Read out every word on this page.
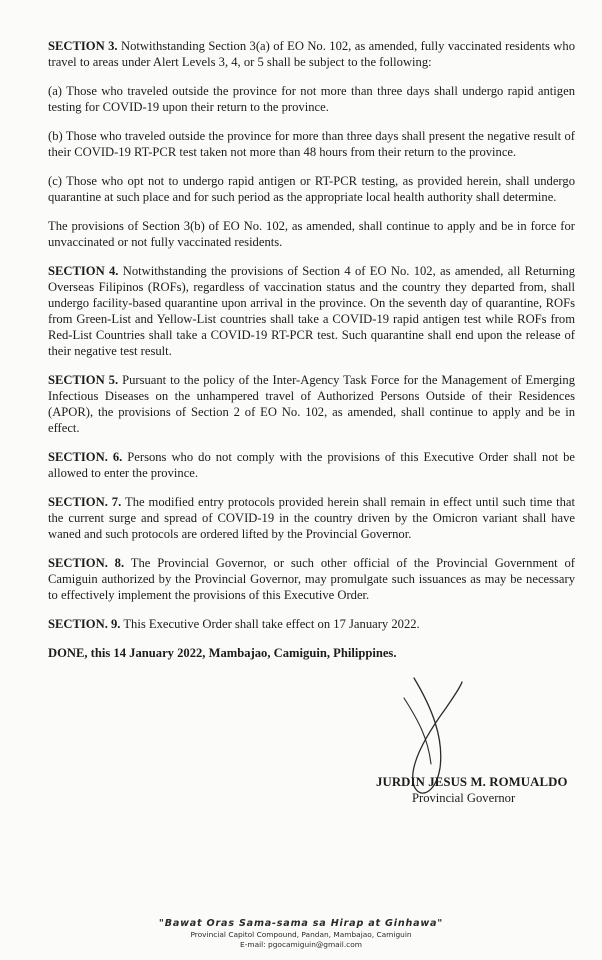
SECTION 3. Notwithstanding Section 3(a) of EO No. 102, as amended, fully vaccinated residents who travel to areas under Alert Levels 3, 4, or 5 shall be subject to the following:

(a) Those who traveled outside the province for not more than three days shall undergo rapid antigen testing for COVID-19 upon their return to the province.

(b) Those who traveled outside the province for more than three days shall present the negative result of their COVID-19 RT-PCR test taken not more than 48 hours from their return to the province.

(c) Those who opt not to undergo rapid antigen or RT-PCR testing, as provided herein, shall undergo quarantine at such place and for such period as the appropriate local health authority shall determine.

The provisions of Section 3(b) of EO No. 102, as amended, shall continue to apply and be in force for unvaccinated or not fully vaccinated residents.

SECTION 4. Notwithstanding the provisions of Section 4 of EO No. 102, as amended, all Returning Overseas Filipinos (ROFs), regardless of vaccination status and the country they departed from, shall undergo facility-based quarantine upon arrival in the province. On the seventh day of quarantine, ROFs from Green-List and Yellow-List countries shall take a COVID-19 rapid antigen test while ROFs from Red-List Countries shall take a COVID-19 RT-PCR test. Such quarantine shall end upon the release of their negative test result.

SECTION 5. Pursuant to the policy of the Inter-Agency Task Force for the Management of Emerging Infectious Diseases on the unhampered travel of Authorized Persons Outside of their Residences (APOR), the provisions of Section 2 of EO No. 102, as amended, shall continue to apply and be in effect.

SECTION. 6. Persons who do not comply with the provisions of this Executive Order shall not be allowed to enter the province.

SECTION. 7. The modified entry protocols provided herein shall remain in effect until such time that the current surge and spread of COVID-19 in the country driven by the Omicron variant shall have waned and such protocols are ordered lifted by the Provincial Governor.

SECTION. 8. The Provincial Governor, or such other official of the Provincial Government of Camiguin authorized by the Provincial Governor, may promulgate such issuances as may be necessary to effectively implement the provisions of this Executive Order.

SECTION. 9. This Executive Order shall take effect on 17 January 2022.

DONE, this 14 January 2022, Mambajao, Camiguin, Philippines.
JURDIN JESUS M. ROMUALDO
Provincial Governor
"Bawat Oras Sama-sama sa Hirap at Ginhawa"
Provincial Capitol Compound, Pandan, Mambajao, Camiguin
E-mail: pgocamiguin@gmail.com
